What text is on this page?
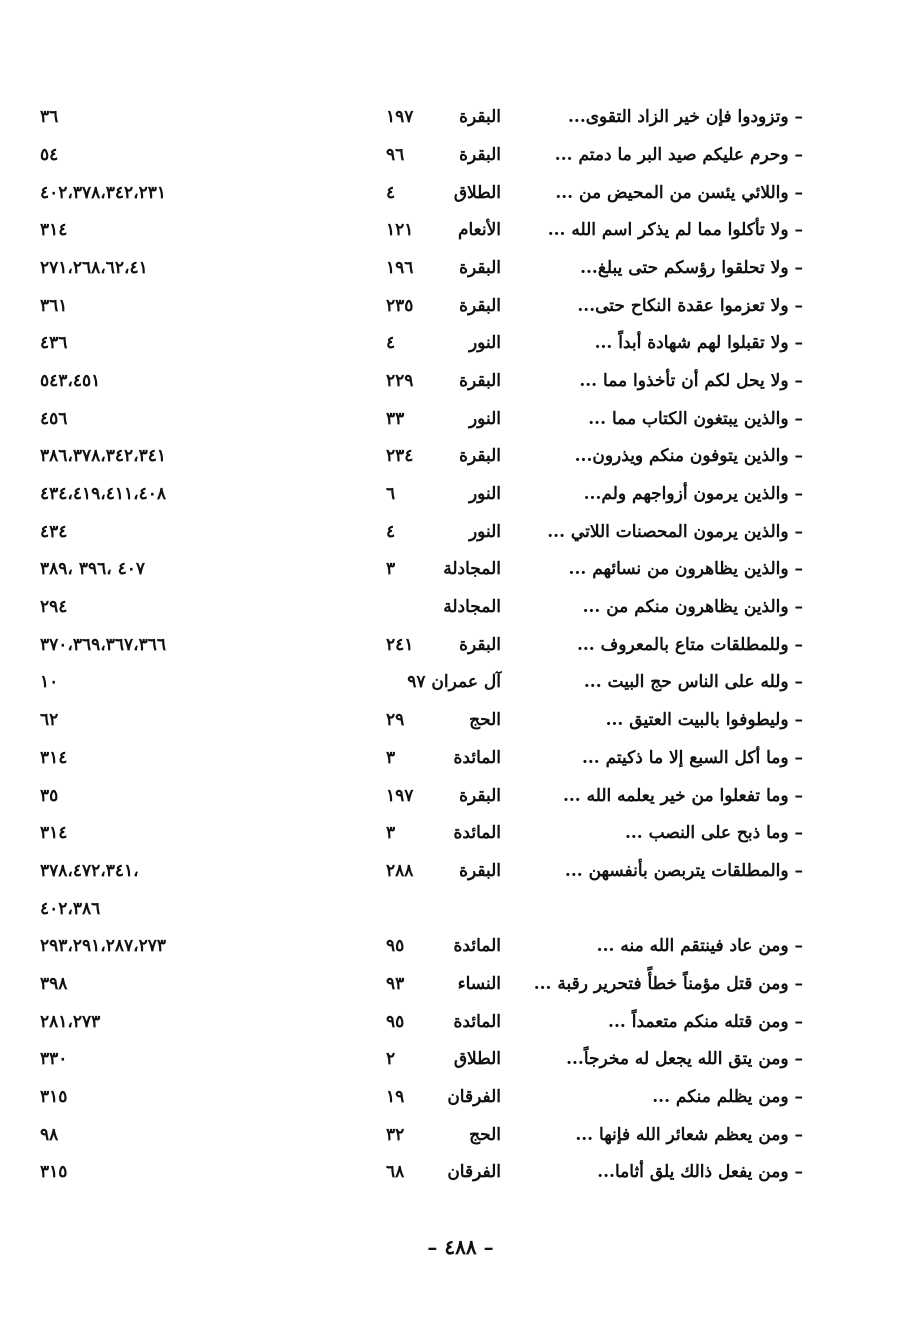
– وتزودوا فإن خير الزاد التقوى...
البقرة
١٩٧
٣٦
– وحرم عليكم صيد البر ما دمتم ...
البقرة
٩٦
٥٤
– واللائي يئسن من المحيض من ...
الطلاق
٤
٤٠٢،٣٧٨،٣٤٢،٢٣١
– ولا تأكلوا مما لم يذكر اسم الله ...
الأنعام
١٢١
٣١٤
– ولا تحلقوا رؤسكم حتى يبلغ...
البقرة
١٩٦
٢٧١،٢٦٨،٦٢،٤١
– ولا تعزموا عقدة النكاح حتى...
البقرة
٢٣٥
٣٦١
– ولا تقبلوا لهم شهادة أبداً ...
النور
٤
٤٣٦
– ولا يحل لكم أن تأخذوا مما ...
البقرة
٢٢٩
٥٤٣،٤٥١
– والذين يبتغون الكتاب مما ...
النور
٣٣
٤٥٦
– والذين يتوفون منكم ويذرون...
البقرة
٢٣٤
٣٨٦،٣٧٨،٣٤٢،٣٤١
– والذين يرمون أزواجهم ولم...
النور
٦
٤٣٤،٤١٩،٤١١،٤٠٨
– والذين يرمون المحصنات اللاتي ...
النور
٤
٤٣٤
– والذين يظاهرون من نسائهم ...
المجادلة
٣
٤٠٧ ،٣٩٦ ،٣٨٩
– والذين يظاهرون منكم من ...
المجادلة
٢٩٤
– وللمطلقات متاع بالمعروف ...
البقرة
٢٤١
٣٧٠،٣٦٩،٣٦٧،٣٦٦
– ولله على الناس حج البيت ...
آل عمران ٩٧
١٠
– وليطوفوا بالبيت العتيق ...
الحج
٢٩
٦٢
– وما أكل السبع إلا ما ذكيتم ...
المائدة
٣
٣١٤
– وما تفعلوا من خير يعلمه الله ...
البقرة
١٩٧
٣٥
– وما ذبح على النصب ...
المائدة
٣
٣١٤
– والمطلقات يتربصن بأنفسهن ...
البقرة
٢٨٨
،٣٧٨،٤٧٢،٣٤١
٤٠٢،٣٨٦
– ومن عاد فينتقم الله منه ...
المائدة
٩٥
٢٩٣،٢٩١،٢٨٧،٢٧٣
– ومن قتل مؤمناً خطأً فتحرير رقبة ...
النساء
٩٣
٣٩٨
– ومن قتله منكم متعمداً ...
المائدة
٩٥
٢٨١،٢٧٣
– ومن يتق الله يجعل له مخرجاً...
الطلاق
٢
٣٣٠
– ومن يظلم منكم ...
الفرقان
١٩
٣١٥
– ومن يعظم شعائر الله فإنها ...
الحج
٣٢
٩٨
– ومن يفعل ذالك يلق أثاما...
الفرقان
٦٨
٣١٥
– ٤٨٨ –
